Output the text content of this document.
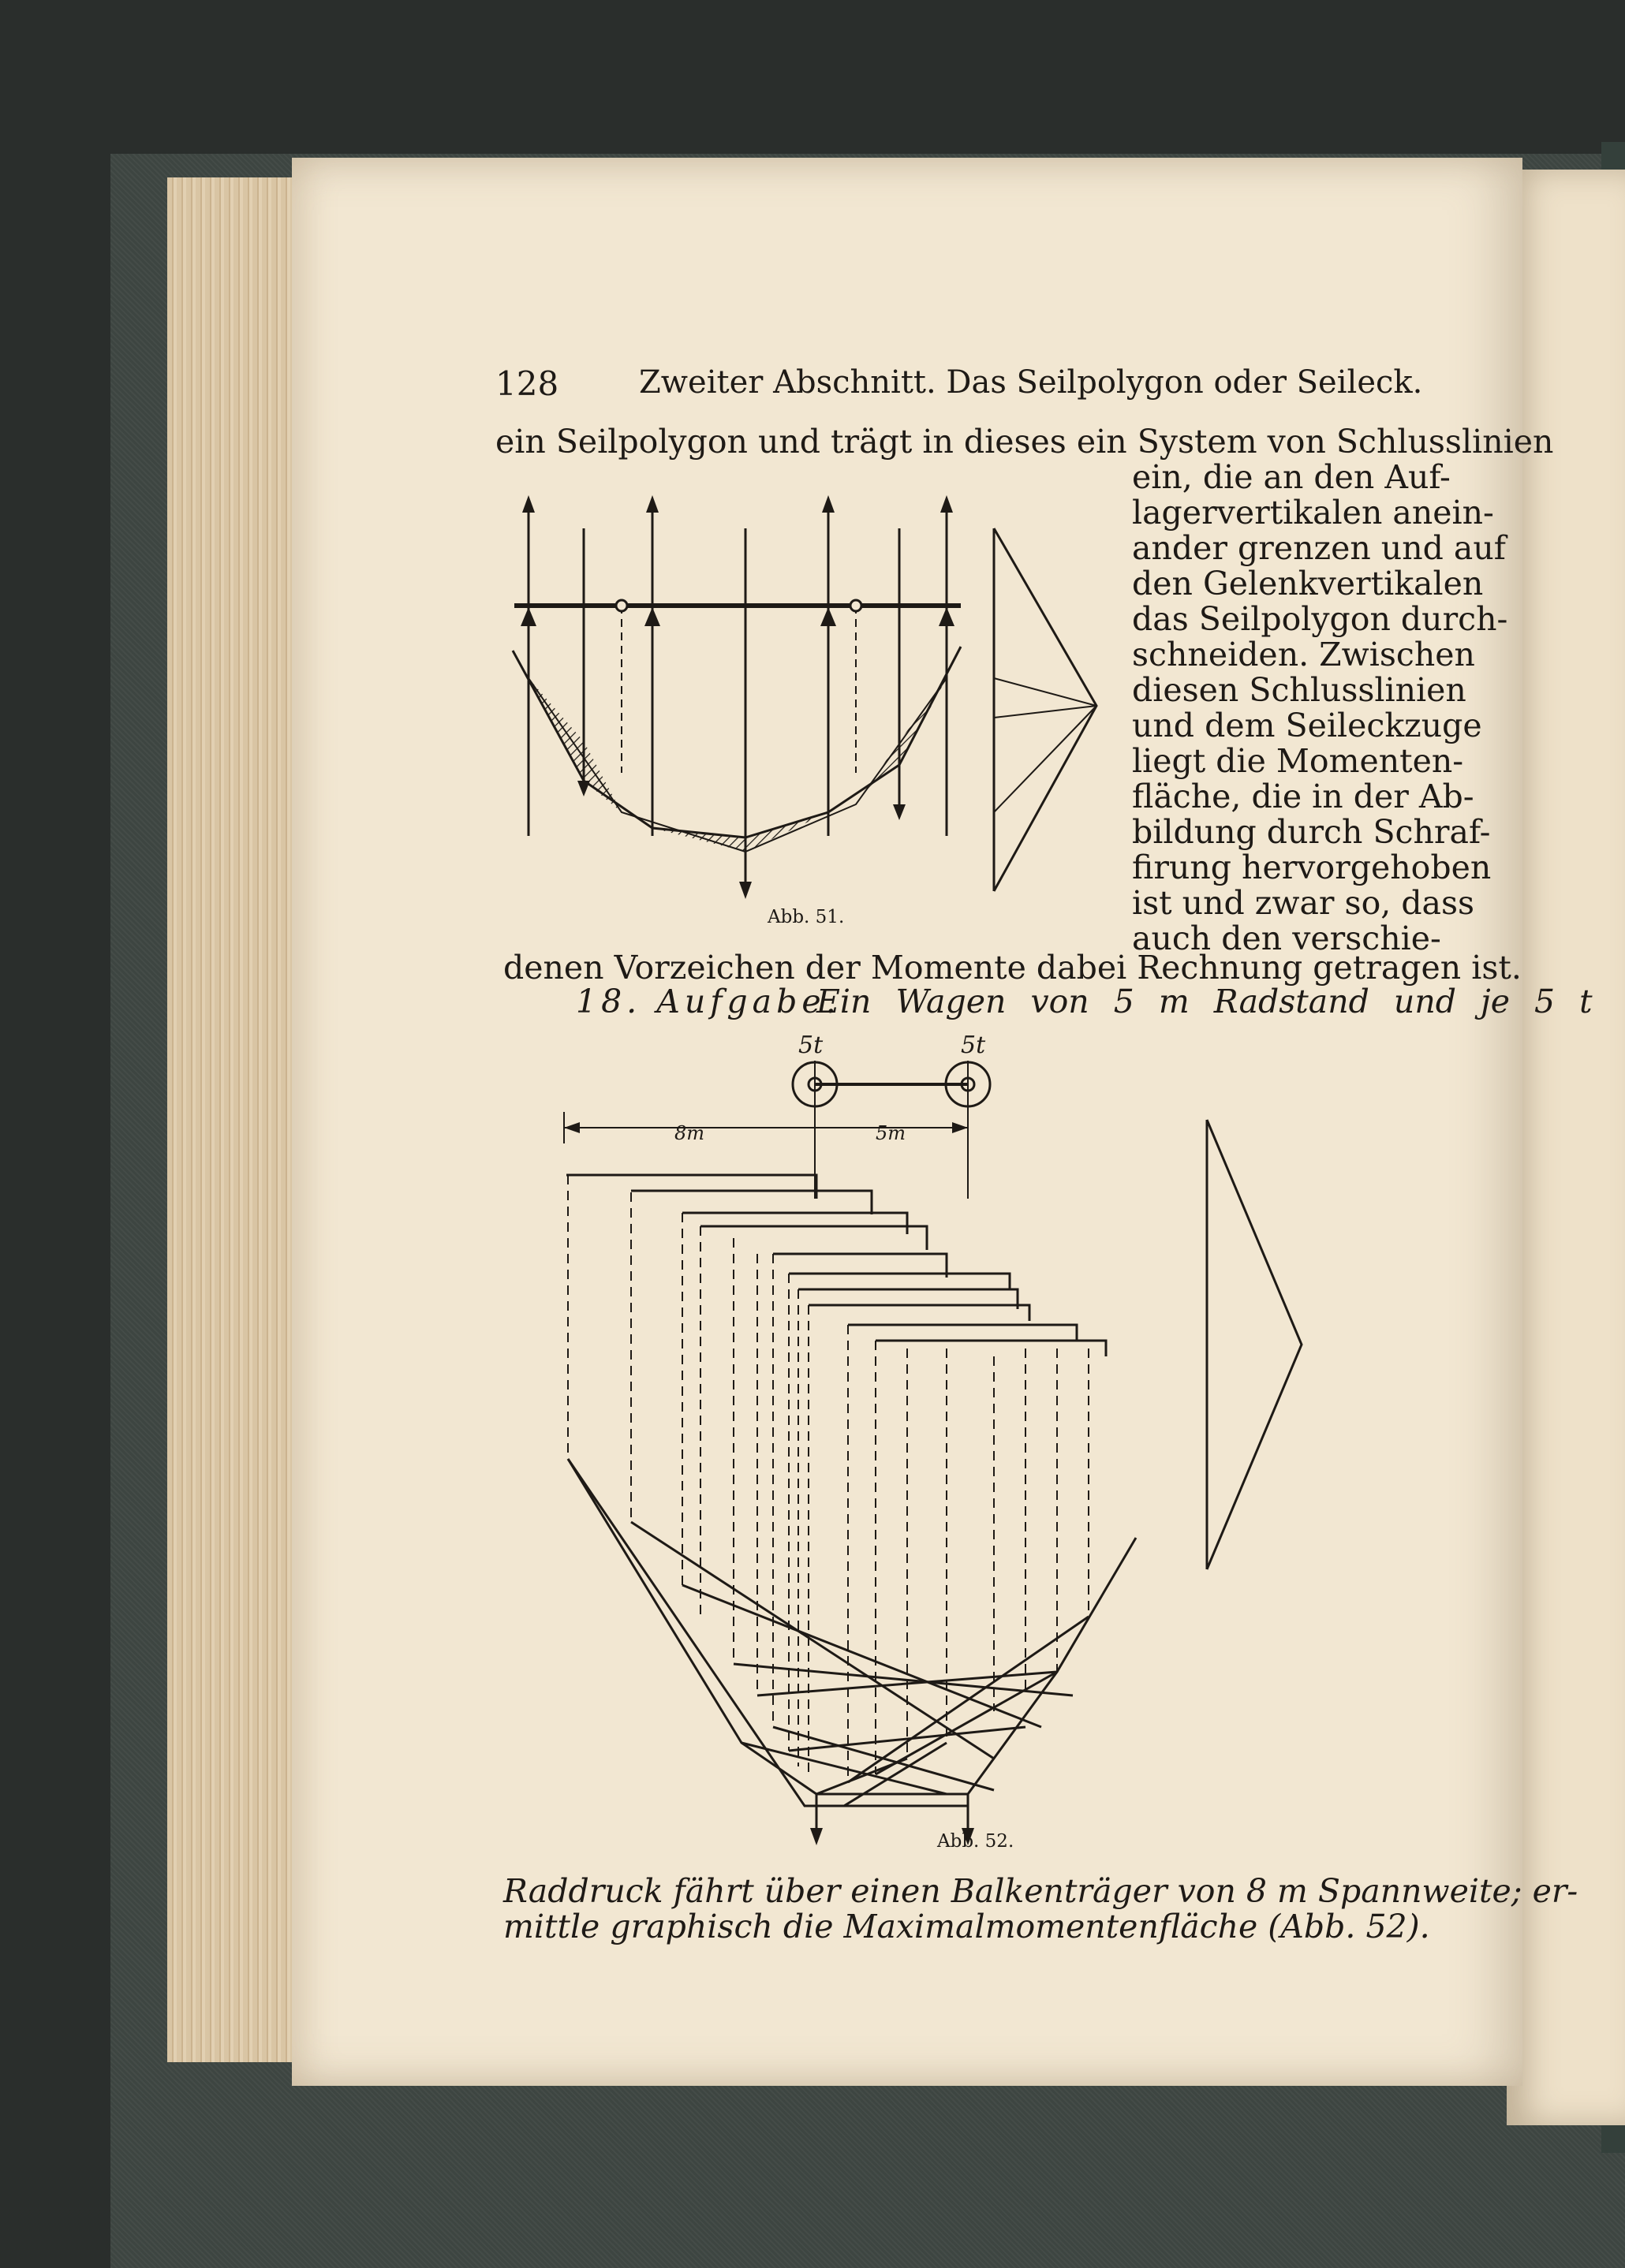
128	Zweiter Abschnitt. Das Seilpolygon oder Seileck.
ein Seilpolygon und trägt in dieses ein System von Schlusslinien
ein, die an den Auf-
lagervertikalen anein-
ander grenzen und auf
den Gelenkvertikalen
das Seilpolygon durch-
schneiden. Zwischen
diesen Schlusslinien
und dem Seileckzuge
liegt die Momenten-
fläche, die in der Ab-
bildung durch Schraf-
firung hervorgehoben
ist und zwar so, dass
auch den verschie-
denen Vorzeichen der Momente dabei Rechnung getragen ist.
Abb. 51.
18. Aufgabe.
Ein Wagen von 5 m Radstand und je 5 t
5t	5t
8m	5m
Abb. 52.
Raddruck fährt über einen Balkenträger von 8 m Spannweite; er-
mittle graphisch die Maximalmomentenfläche (Abb. 52).
